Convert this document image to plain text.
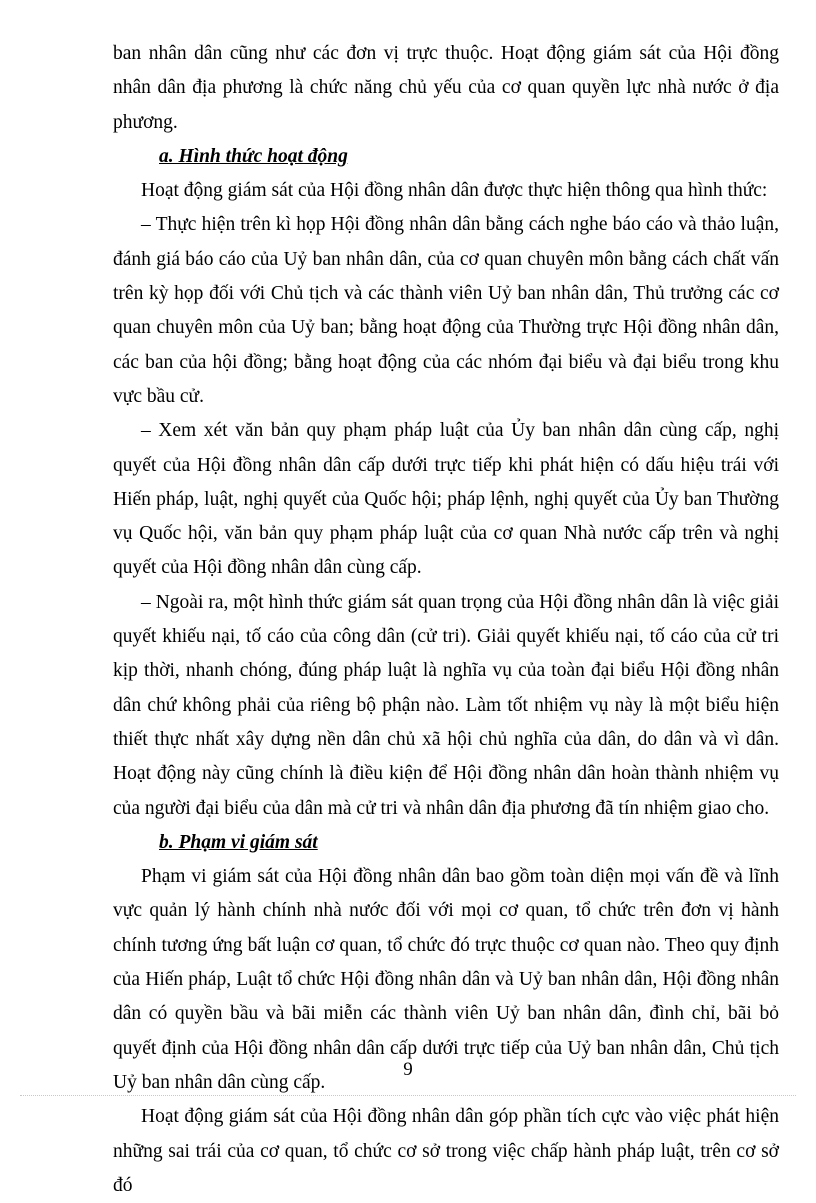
ban nhân dân cũng như các đơn vị trực thuộc. Hoạt động giám sát của Hội đồng nhân dân địa phương là chức năng chủ yếu của cơ quan quyền lực nhà nước ở địa phương.

a. Hình thức hoạt động

Hoạt động giám sát của Hội đồng nhân dân được thực hiện thông qua hình thức:

– Thực hiện trên kì họp Hội đồng nhân dân bằng cách nghe báo cáo và thảo luận, đánh giá báo cáo của Uỷ ban nhân dân, của cơ quan chuyên môn bằng cách chất vấn trên kỳ họp đối với Chủ tịch và các thành viên Uỷ ban nhân dân, Thủ trưởng các cơ quan chuyên môn của Uỷ ban; bằng hoạt động của Thường trực Hội đồng nhân dân, các ban của hội đồng; bằng hoạt động của các nhóm đại biểu và đại biểu trong khu vực bầu cử.

– Xem xét văn bản quy phạm pháp luật của Ủy ban nhân dân cùng cấp, nghị quyết của Hội đồng nhân dân cấp dưới trực tiếp khi phát hiện có dấu hiệu trái với Hiến pháp, luật, nghị quyết của Quốc hội; pháp lệnh, nghị quyết của Ủy ban Thường vụ Quốc hội, văn bản quy phạm pháp luật của cơ quan Nhà nước cấp trên và nghị quyết của Hội đồng nhân dân cùng cấp.

– Ngoài ra, một hình thức giám sát quan trọng của Hội đồng nhân dân là việc giải quyết khiếu nại, tố cáo của công dân (cử tri). Giải quyết khiếu nại, tố cáo của cử tri kịp thời, nhanh chóng, đúng pháp luật là nghĩa vụ của toàn đại biểu Hội đồng nhân dân chứ không phải của riêng bộ phận nào. Làm tốt nhiệm vụ này là một biểu hiện thiết thực nhất xây dựng nền dân chủ xã hội chủ nghĩa của dân, do dân và vì dân. Hoạt động này cũng chính là điều kiện để Hội đồng nhân dân hoàn thành nhiệm vụ của người đại biểu của dân mà cử tri và nhân dân địa phương đã tín nhiệm giao cho.

b. Phạm vi giám sát

Phạm vi giám sát của Hội đồng nhân dân bao gồm toàn diện mọi vấn đề và lĩnh vực quản lý hành chính nhà nước đối với mọi cơ quan, tổ chức trên đơn vị hành chính tương ứng bất luận cơ quan, tổ chức đó trực thuộc cơ quan nào. Theo quy định của Hiến pháp, Luật tổ chức Hội đồng nhân dân và Uỷ ban nhân dân, Hội đồng nhân dân có quyền bầu và bãi miễn các thành viên Uỷ ban nhân dân, đình chỉ, bãi bỏ quyết định của Hội đồng nhân dân cấp dưới trực tiếp của Uỷ ban nhân dân, Chủ tịch Uỷ ban nhân dân cùng cấp.

Hoạt động giám sát của Hội đồng nhân dân góp phần tích cực vào việc phát hiện những sai trái của cơ quan, tổ chức cơ sở trong việc chấp hành pháp luật, trên cơ sở đó

9
